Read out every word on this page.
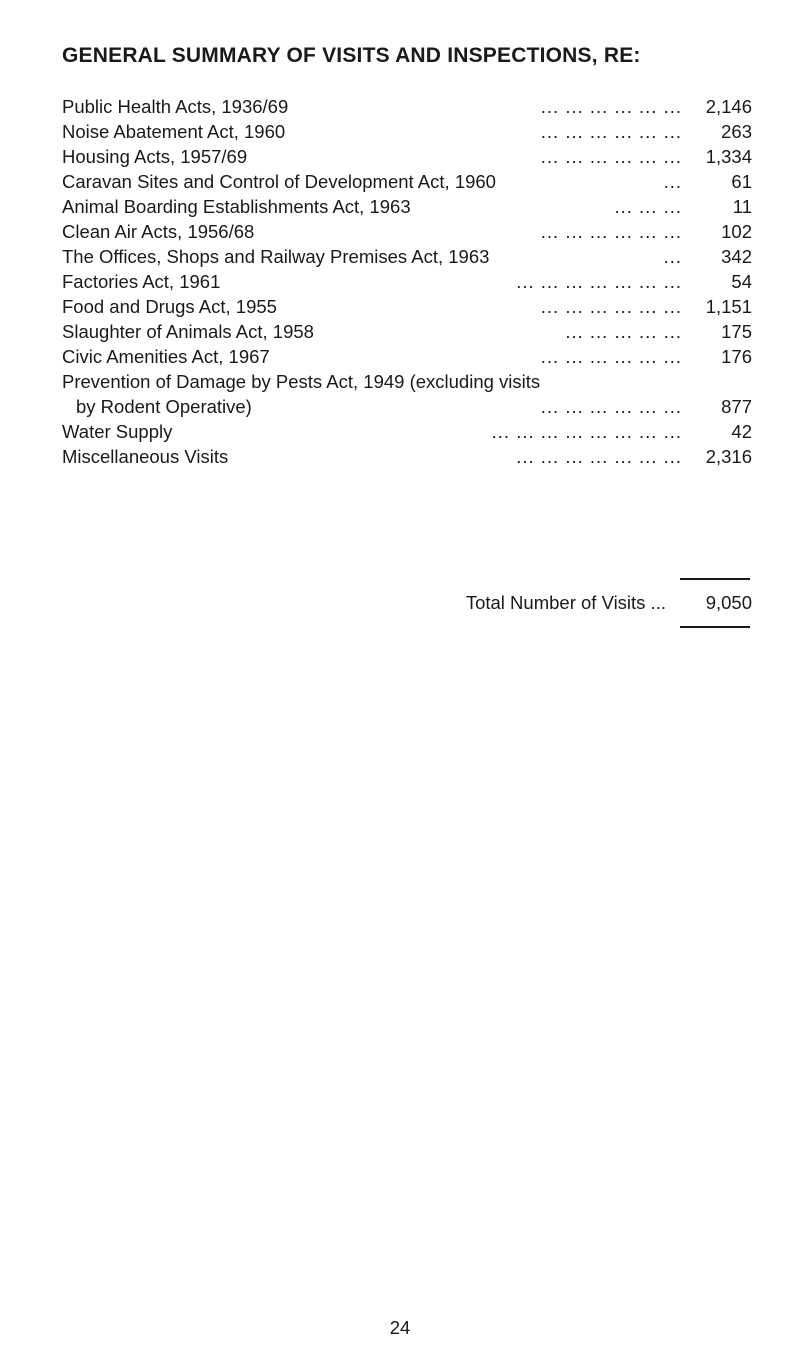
GENERAL SUMMARY OF VISITS AND INSPECTIONS, RE:
Public Health Acts, 1936/69	... ... ... ... ... ... 2,146
Noise Abatement Act, 1960	... ... ... ... ... ... 263
Housing Acts, 1957/69	... ... ... ... ... ... 1,334
Caravan Sites and Control of Development Act, 1960	...	61
Animal Boarding Establishments Act, 1963	... ... ...	11
Clean Air Acts, 1956/68	... ... ... ... ... ... 102
The Offices, Shops and Railway Premises Act, 1963	... 342
Factories Act, 1961	... ... ... ... ... ... ...	54
Food and Drugs Act, 1955	... ... ... ... ... ... 1,151
Slaughter of Animals Act, 1958	... ... ... ... ... 175
Civic Amenities Act, 1967	... ... ... ... ... ... 176
Prevention of Damage by Pests Act, 1949 (excluding visits
by Rodent Operative)	... ... ... ... ... ... 877
Water Supply	... ... ... ... ... ... ... ...	42
Miscellaneous Visits	... ... ... ... ... ... ... 2,316
Total Number of Visits ... 9,050
24
